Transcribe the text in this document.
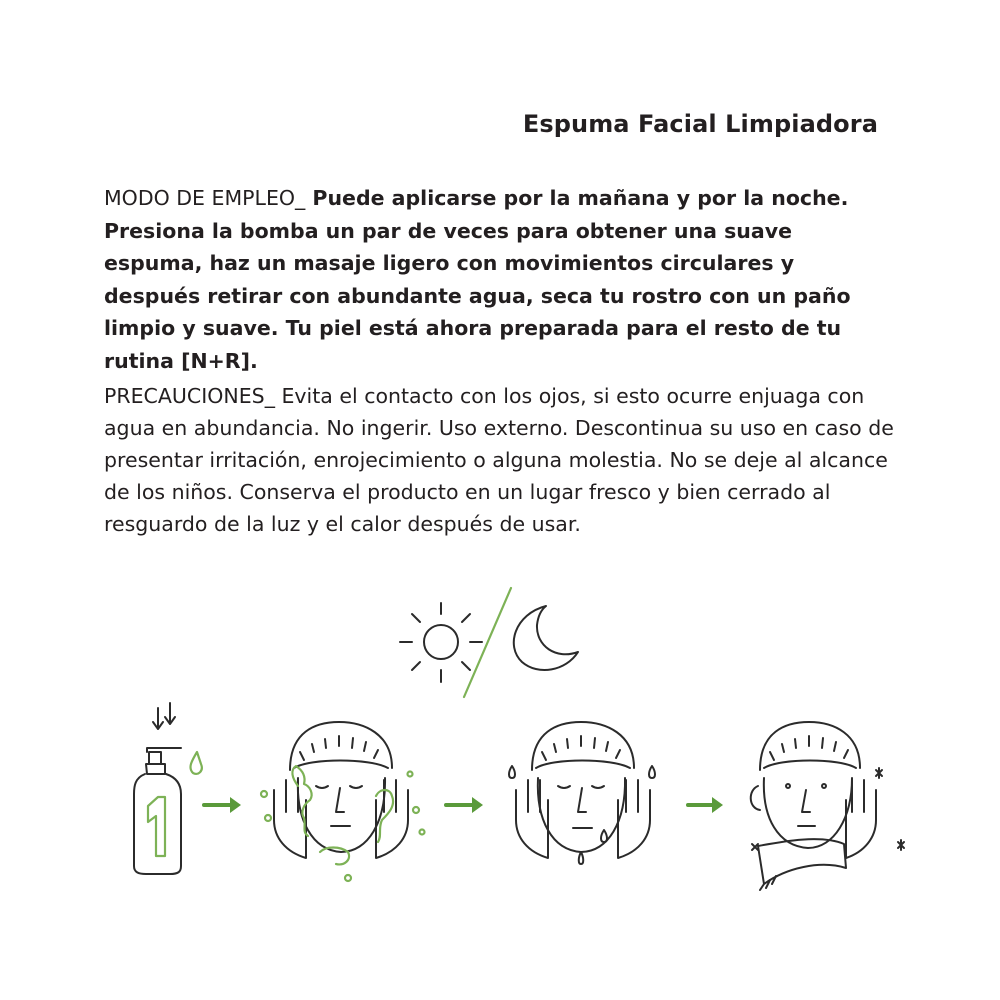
Espuma Facial Limpiadora

MODO DE EMPLEO_ Puede aplicarse por la mañana y por la noche. Presiona la bomba un par de veces para obtener una suave espuma, haz un masaje ligero con movimientos circulares y después retirar con abundante agua, seca tu rostro con un paño limpio y suave. Tu piel está ahora preparada para el resto de tu rutina [N+R].

PRECAUCIONES_ Evita el contacto con los ojos, si esto ocurre enjuaga con agua en abundancia. No ingerir. Uso externo. Descontinua su uso en caso de presentar irritación, enrojecimiento o alguna molestia. No se deje al alcance de los niños. Conserva el producto en un lugar fresco y bien cerrado al resguardo de la luz y el calor después de usar.
